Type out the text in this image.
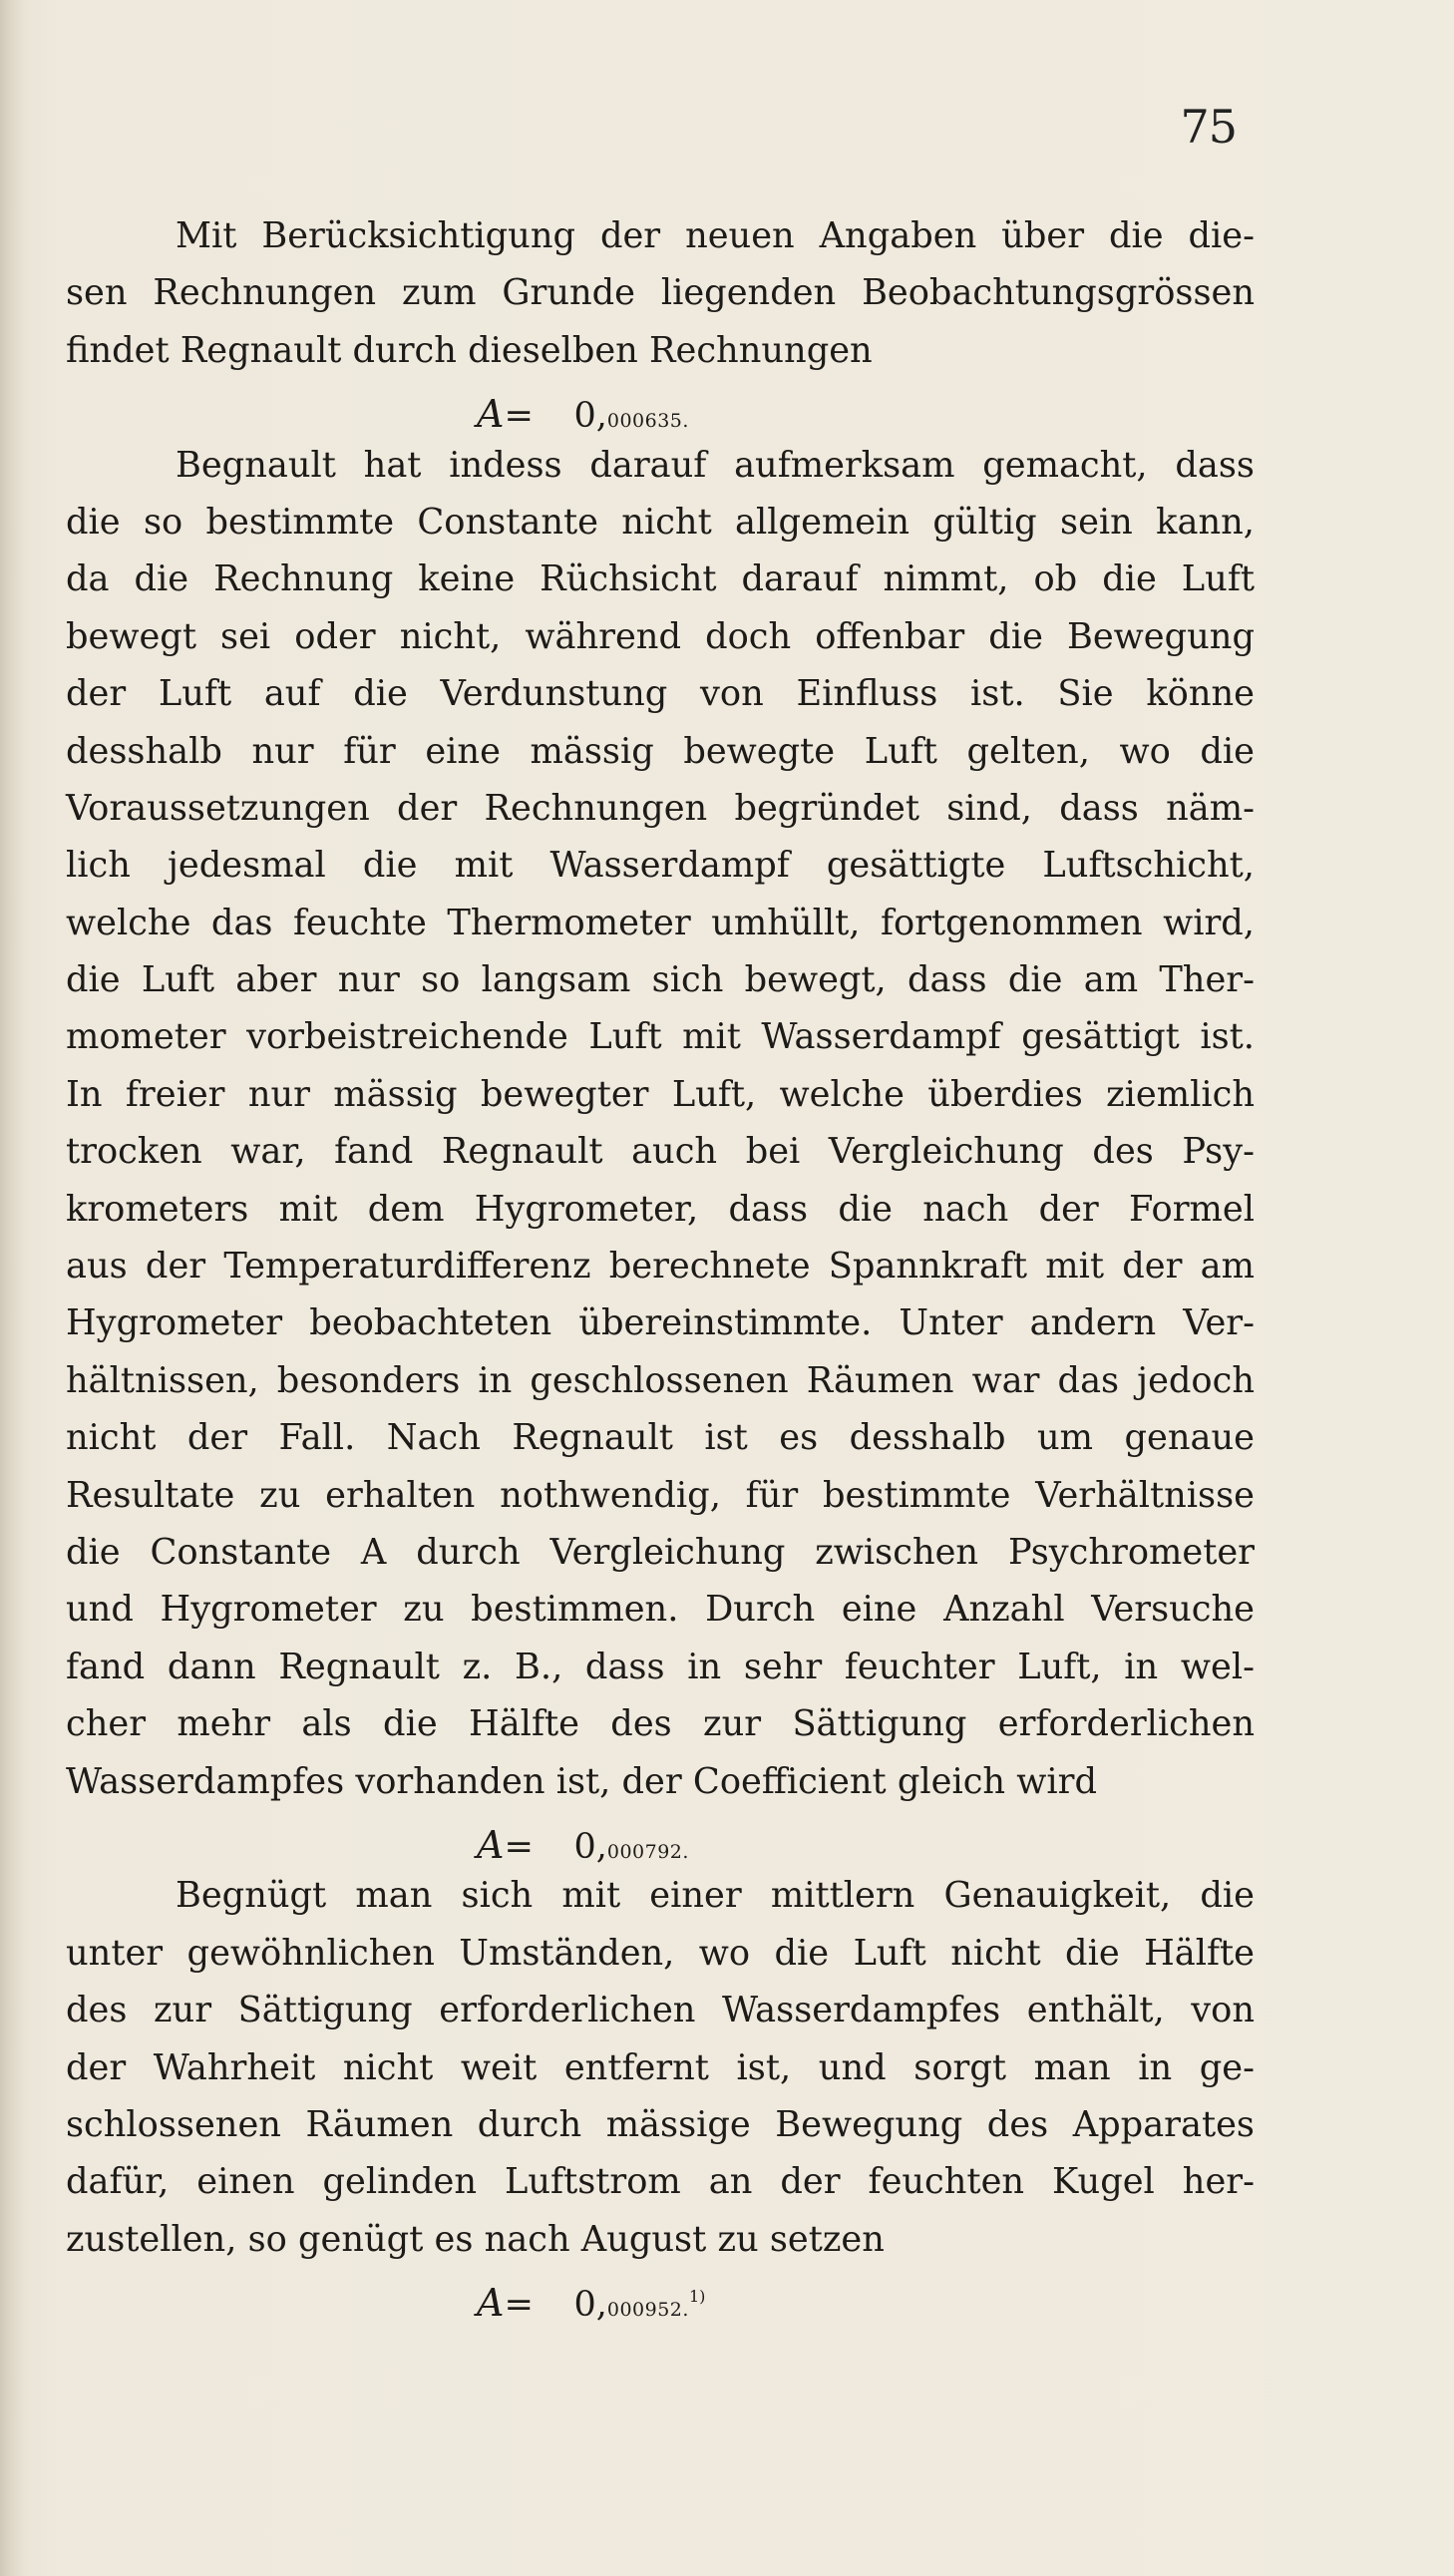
75
Mit Berücksichtigung der neuen Angaben über die die-
sen Rechnungen zum Grunde liegenden Beobachtungsgrössen
findet Regnault durch dieselben Rechnungen
A= 0,000635.
Begnault hat indess darauf aufmerksam gemacht, dass
die so bestimmte Constante nicht allgemein gültig sein kann,
da die Rechnung keine Rüchsicht darauf nimmt, ob die Luft
bewegt sei oder nicht, während doch offenbar die Bewegung
der Luft auf die Verdunstung von Einfluss ist. Sie könne
desshalb nur für eine mässig bewegte Luft gelten, wo die
Voraussetzungen der Rechnungen begründet sind, dass näm-
lich jedesmal die mit Wasserdampf gesättigte Luftschicht,
welche das feuchte Thermometer umhüllt, fortgenommen wird,
die Luft aber nur so langsam sich bewegt, dass die am Ther-
mometer vorbeistreichende Luft mit Wasserdampf gesättigt ist.
In freier nur mässig bewegter Luft, welche überdies ziemlich
trocken war, fand Regnault auch bei Vergleichung des Psy-
krometers mit dem Hygrometer, dass die nach der Formel
aus der Temperaturdifferenz berechnete Spannkraft mit der am
Hygrometer beobachteten übereinstimmte. Unter andern Ver-
hältnissen, besonders in geschlossenen Räumen war das jedoch
nicht der Fall. Nach Regnault ist es desshalb um genaue
Resultate zu erhalten nothwendig, für bestimmte Verhältnisse
die Constante A durch Vergleichung zwischen Psychrometer
und Hygrometer zu bestimmen. Durch eine Anzahl Versuche
fand dann Regnault z. B., dass in sehr feuchter Luft, in wel-
cher mehr als die Hälfte des zur Sättigung erforderlichen
Wasserdampfes vorhanden ist, der Coefficient gleich wird
A= 0,000792.
Begnügt man sich mit einer mittlern Genauigkeit, die
unter gewöhnlichen Umständen, wo die Luft nicht die Hälfte
des zur Sättigung erforderlichen Wasserdampfes enthält, von
der Wahrheit nicht weit entfernt ist, und sorgt man in ge-
schlossenen Räumen durch mässige Bewegung des Apparates
dafür, einen gelinden Luftstrom an der feuchten Kugel her-
zustellen, so genügt es nach August zu setzen
A= 0,000952.$^{1)}$
